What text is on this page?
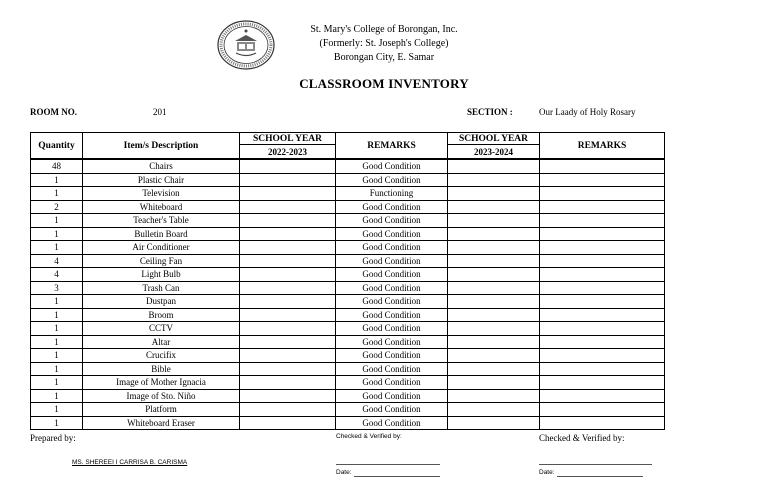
St. Mary's College of Borongan, Inc.
(Formerly: St. Joseph's College)
Borongan City, E. Samar
CLASSROOM INVENTORY
ROOM NO.	201	SECTION :	Our Laady of Holy Rosary
Quantity	Item/s Description	SCHOOL YEAR	REMARKS	SCHOOL YEAR	REMARKS
		2022-2023		2023-2024	
48	Chairs		Good Condition		
1	Plastic Chair		Good Condition		
1	Television		Functioning		
2	Whiteboard		Good Condition		
1	Teacher's Table		Good Condition		
1	Bulletin Board		Good Condition		
1	Air Conditioner		Good Condition		
4	Ceiling Fan		Good Condition		
4	Light Bulb		Good Condition		
3	Trash Can		Good Condition		
1	Dustpan		Good Condition		
1	Broom		Good Condition		
1	CCTV		Good Condition		
1	Altar		Good Condition		
1	Crucifix		Good Condition		
1	Bible		Good Condition		
1	Image of Mother Ignacia		Good Condition		
1	Image of Sto. Niño		Good Condition		
1	Platform		Good Condition		
1	Whiteboard Eraser		Good Condition		
Prepared by:	Checked & Verified by:	Checked & Verified by:
MS. SHEREEI I CARRISA B. CARISMA
Date:	Date:
